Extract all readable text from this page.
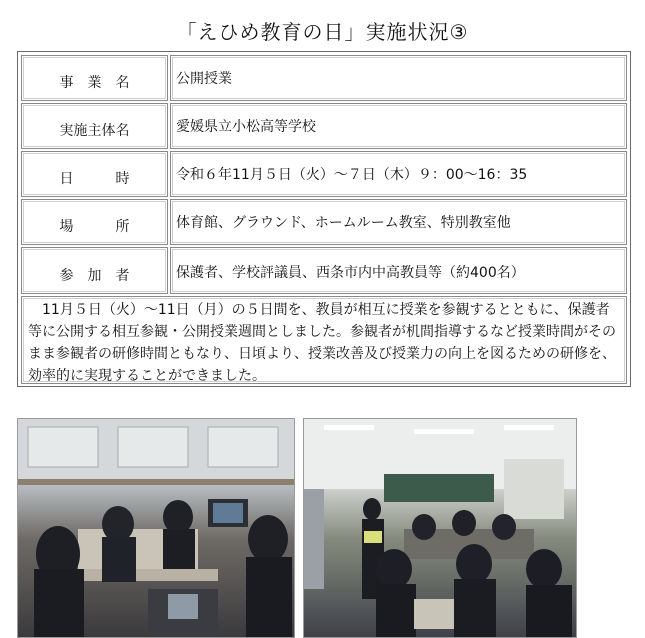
「えひめ教育の日」実施状況③
事　業　名	公開授業
実施主体名	愛媛県立小松高等学校
日　　　時	令和６年11月５日（火）～７日（木）９：00～16：35
場　　　所	体育館、グラウンド、ホームルーム教室、特別教室他
参　加　者	保護者、学校評議員、西条市内中高教員等（約400名）
11月５日（火）～11日（月）の５日間を、教員が相互に授業を参観するとともに、保護者等に公開する相互参観・公開授業週間としました。参観者が机間指導するなど授業時間がそのまま参観者の研修時間ともなり、日頃より、授業改善及び授業力の向上を図るための研修を、効率的に実現することができました。
